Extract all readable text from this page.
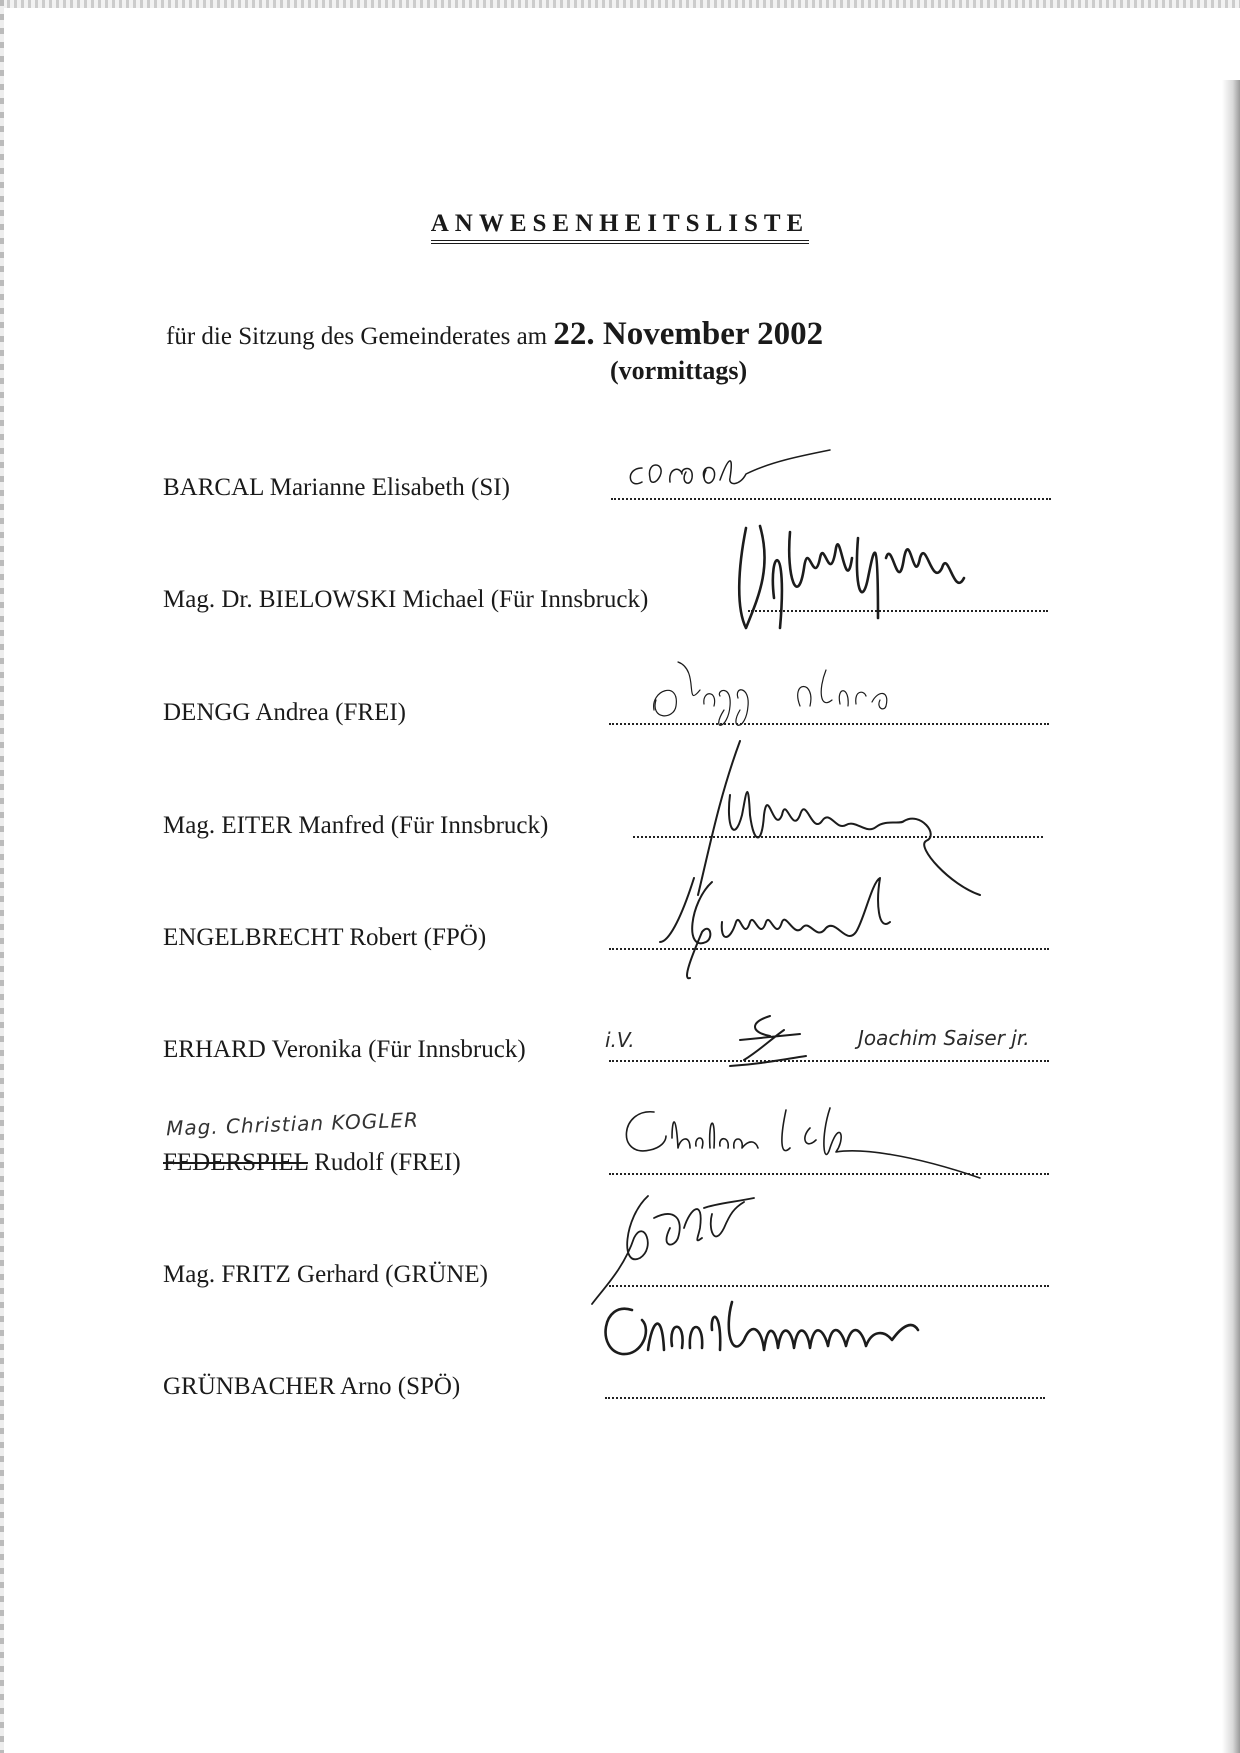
ANWESENHEITSLISTE
für die Sitzung des Gemeinderates am 22. November 2002
(vormittags)
BARCAL Marianne Elisabeth (SI)
Mag. Dr. BIELOWSKI Michael (Für Innsbruck)
DENGG Andrea (FREI)
Mag. EITER Manfred (Für Innsbruck)
ENGELBRECHT Robert (FPÖ)
ERHARD Veronika (Für Innsbruck)	i.V.	Joachim Saiser jr.
Mag. Christian KOGLER
FEDERSPIEL Rudolf (FREI)
Mag. FRITZ Gerhard (GRÜNE)
GRÜNBACHER Arno (SPÖ)
